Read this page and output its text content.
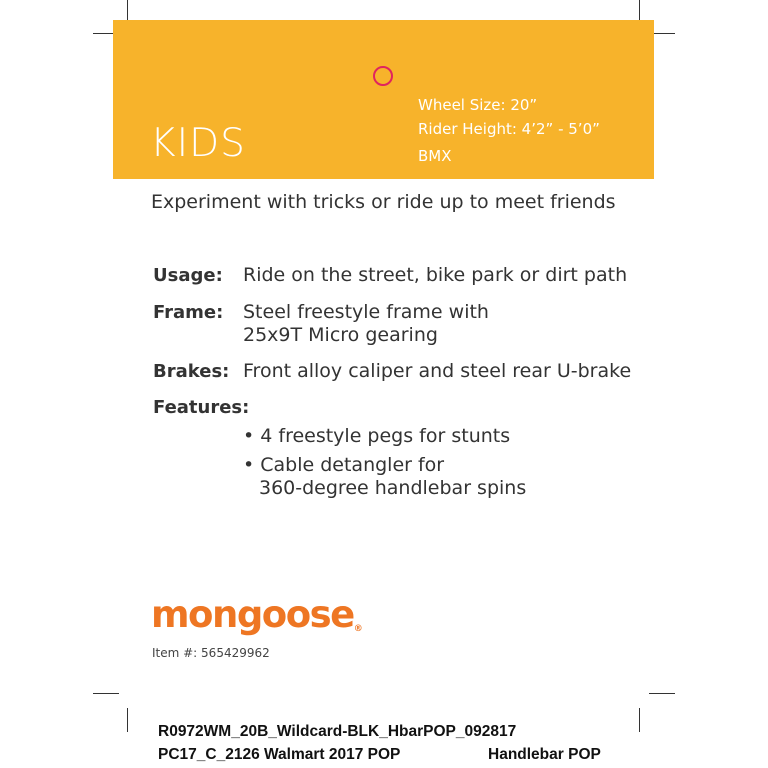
KIDS
Wheel Size: 20”
Rider Height: 4’2” - 5’0”
BMX
Experiment with tricks or ride up to meet friends
Usage: Ride on the street, bike park or dirt path
Frame: Steel freestyle frame with
25x9T Micro gearing
Brakes: Front alloy caliper and steel rear U-brake
Features:
• 4 freestyle pegs for stunts
• Cable detangler for
360-degree handlebar spins
mongoose®
Item #: 565429962
R0972WM_20B_Wildcard-BLK_HbarPOP_092817
PC17_C_2126 Walmart 2017 POP	Handlebar POP
